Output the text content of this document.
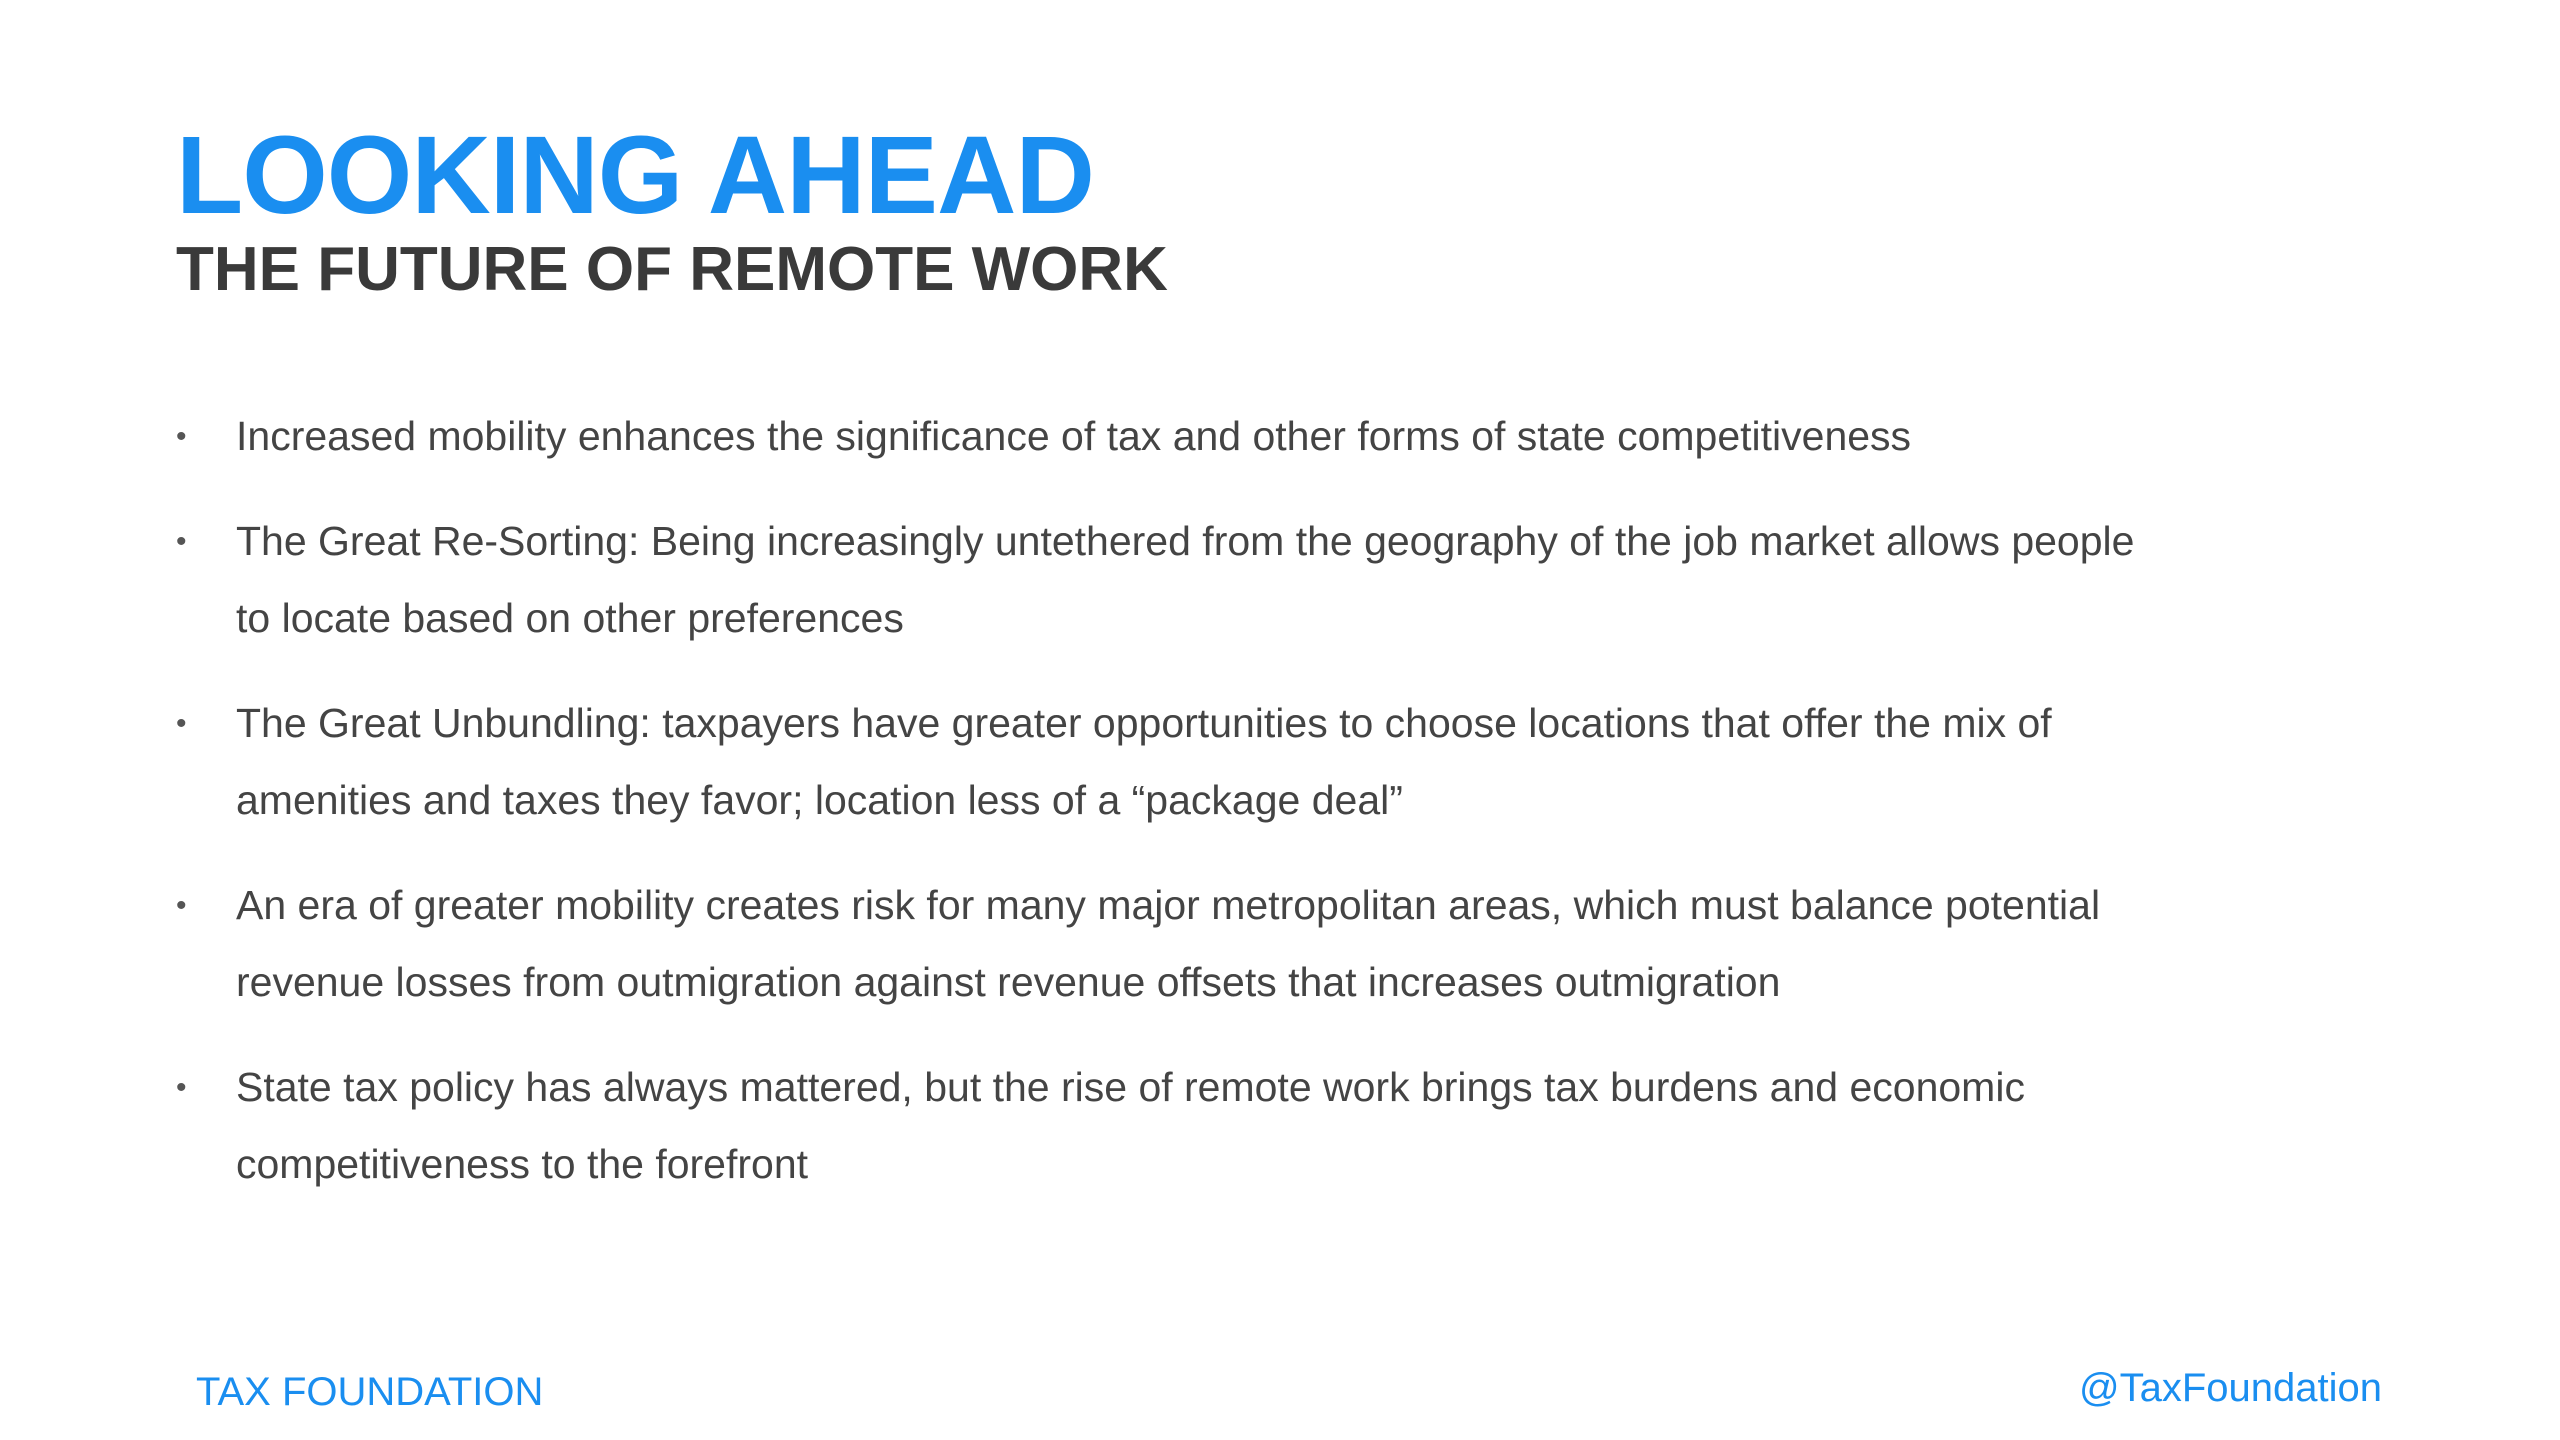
LOOKING AHEAD
THE FUTURE OF REMOTE WORK
• Increased mobility enhances the significance of tax and other forms of state competitiveness
• The Great Re-Sorting: Being increasingly untethered from the geography of the job market allows people to locate based on other preferences
• The Great Unbundling: taxpayers have greater opportunities to choose locations that offer the mix of amenities and taxes they favor; location less of a “package deal”
• An era of greater mobility creates risk for many major metropolitan areas, which must balance potential revenue losses from outmigration against revenue offsets that increases outmigration
• State tax policy has always mattered, but the rise of remote work brings tax burdens and economic competitiveness to the forefront
TAX FOUNDATION	@TaxFoundation
